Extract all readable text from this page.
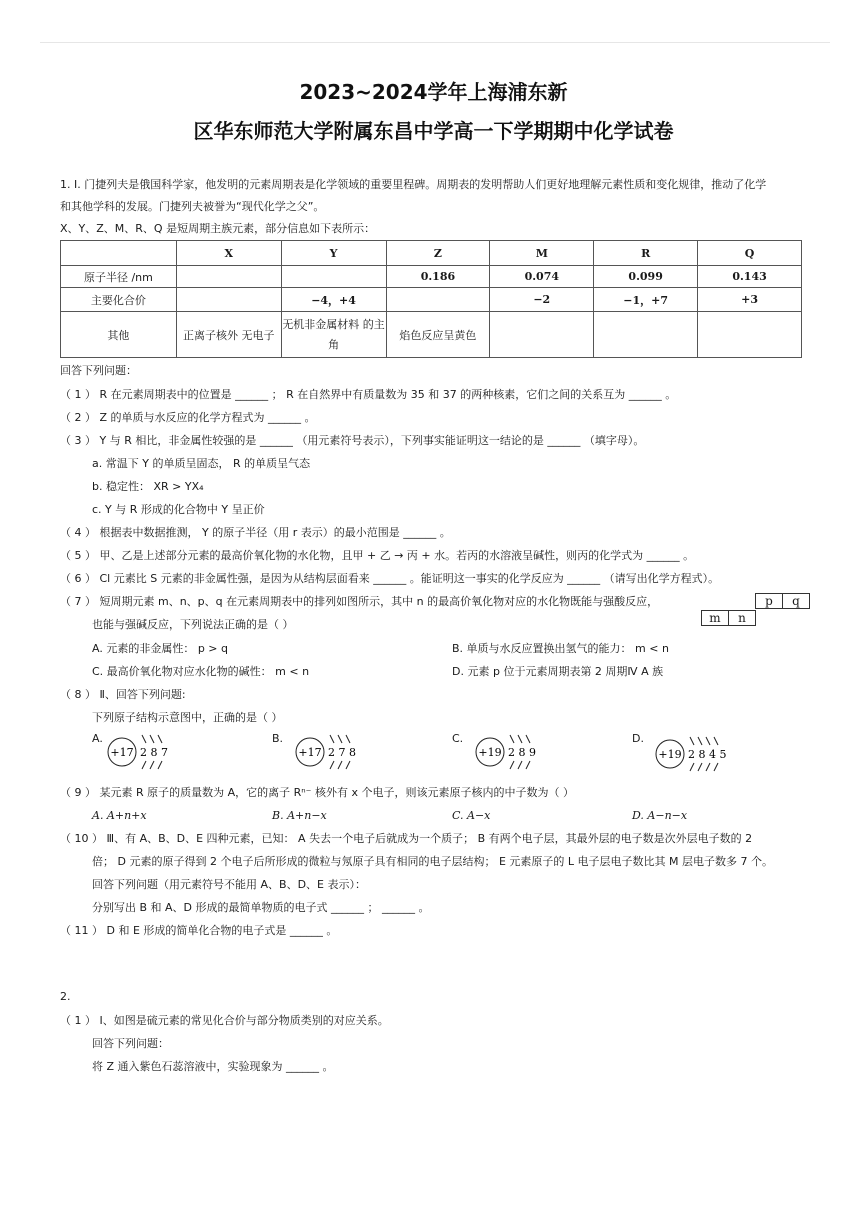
2023~2024学年上海浦东新
区华东师范大学附属东昌中学高一下学期期中化学试卷
1. Ⅰ. 门捷列夫是俄国科学家，他发明的元素周期表是化学领域的重要里程碑。周期表的发明帮助人们更好地理解元素性质和变化规律，推动了化学
和其他学科的发展。门捷列夫被誉为“现代化学之父”。
X、Y、Z、M、R、Q 是短周期主族元素，部分信息如下表所示：
	X	Y	Z	M	R	Q
原子半径 /nm			0.186	0.074	0.099	0.143
主要化合价		−4，+4		−2	−1，+7	+3
其他	正离子核外 无电子	无机非金属材料 的主角	焰色反应呈黄色			
回答下列问题：
（ 1 ） R 在元素周期表中的位置是 ______ ； R 在自然界中有质量数为 35 和 37 的两种核素，它们之间的关系互为 ______ 。
（ 2 ） Z 的单质与水反应的化学方程式为 ______ 。
（ 3 ） Y 与 R 相比，非金属性较强的是 ______ （用元素符号表示），下列事实能证明这一结论的是 ______ （填字母）。
a. 常温下 Y 的单质呈固态， R 的单质呈气态
b. 稳定性： XR > YX₄
c. Y 与 R 形成的化合物中 Y 呈正价
（ 4 ） 根据表中数据推测， Y 的原子半径（用 r 表示）的最小范围是 ______ 。
（ 5 ） 甲、乙是上述部分元素的最高价氧化物的水化物，且甲 + 乙 → 丙 + 水。若丙的水溶液呈碱性，则丙的化学式为 ______ 。
（ 6 ） Cl 元素比 S 元素的非金属性强，是因为从结构层面看来 ______ 。能证明这一事实的化学反应为 ______ （请写出化学方程式）。
（ 7 ） 短周期元素 m、n、p、q 在元素周期表中的排列如图所示，其中 n 的最高价氧化物对应的水化物既能与强酸反应，
也能与强碱反应，下列说法正确的是（ ）
p	q
m	n
A. 元素的非金属性： p > q	B. 单质与水反应置换出氢气的能力： m < n
C. 最高价氧化物对应水化物的碱性： m < n	D. 元素 p 位于元素周期表第 2 周期Ⅳ A 族
（ 8 ） Ⅱ、回答下列问题:
下列原子结构示意图中，正确的是（ ）
A.
+17 2 8 7
B.
+17 2 7 8
C.
+19 2 8 9
D.
+19 2 8 4 5
（ 9 ） 某元素 R 原子的质量数为 A，它的离子 Rⁿ⁻ 核外有 x 个电子，则该元素原子核内的中子数为（ ）
A. A+n+x	B. A+n−x	C. A−x	D. A−n−x
（ 10 ） Ⅲ、有 A、B、D、E 四种元素，已知： A 失去一个电子后就成为一个质子； B 有两个电子层，其最外层的电子数是次外层电子数的 2
倍； D 元素的原子得到 2 个电子后所形成的微粒与氖原子具有相同的电子层结构； E 元素原子的 L 电子层电子数比其 M 层电子数多 7 个。
回答下列问题（用元素符号不能用 A、B、D、E 表示）：
分别写出 B 和 A、D 形成的最简单物质的电子式 ______ ； ______ 。
（ 11 ） D 和 E 形成的简单化合物的电子式是 ______ 。
2.
（ 1 ） Ⅰ、如图是硫元素的常见化合价与部分物质类别的对应关系。
回答下列问题：
将 Z 通入紫色石蕊溶液中，实验现象为 ______ 。
